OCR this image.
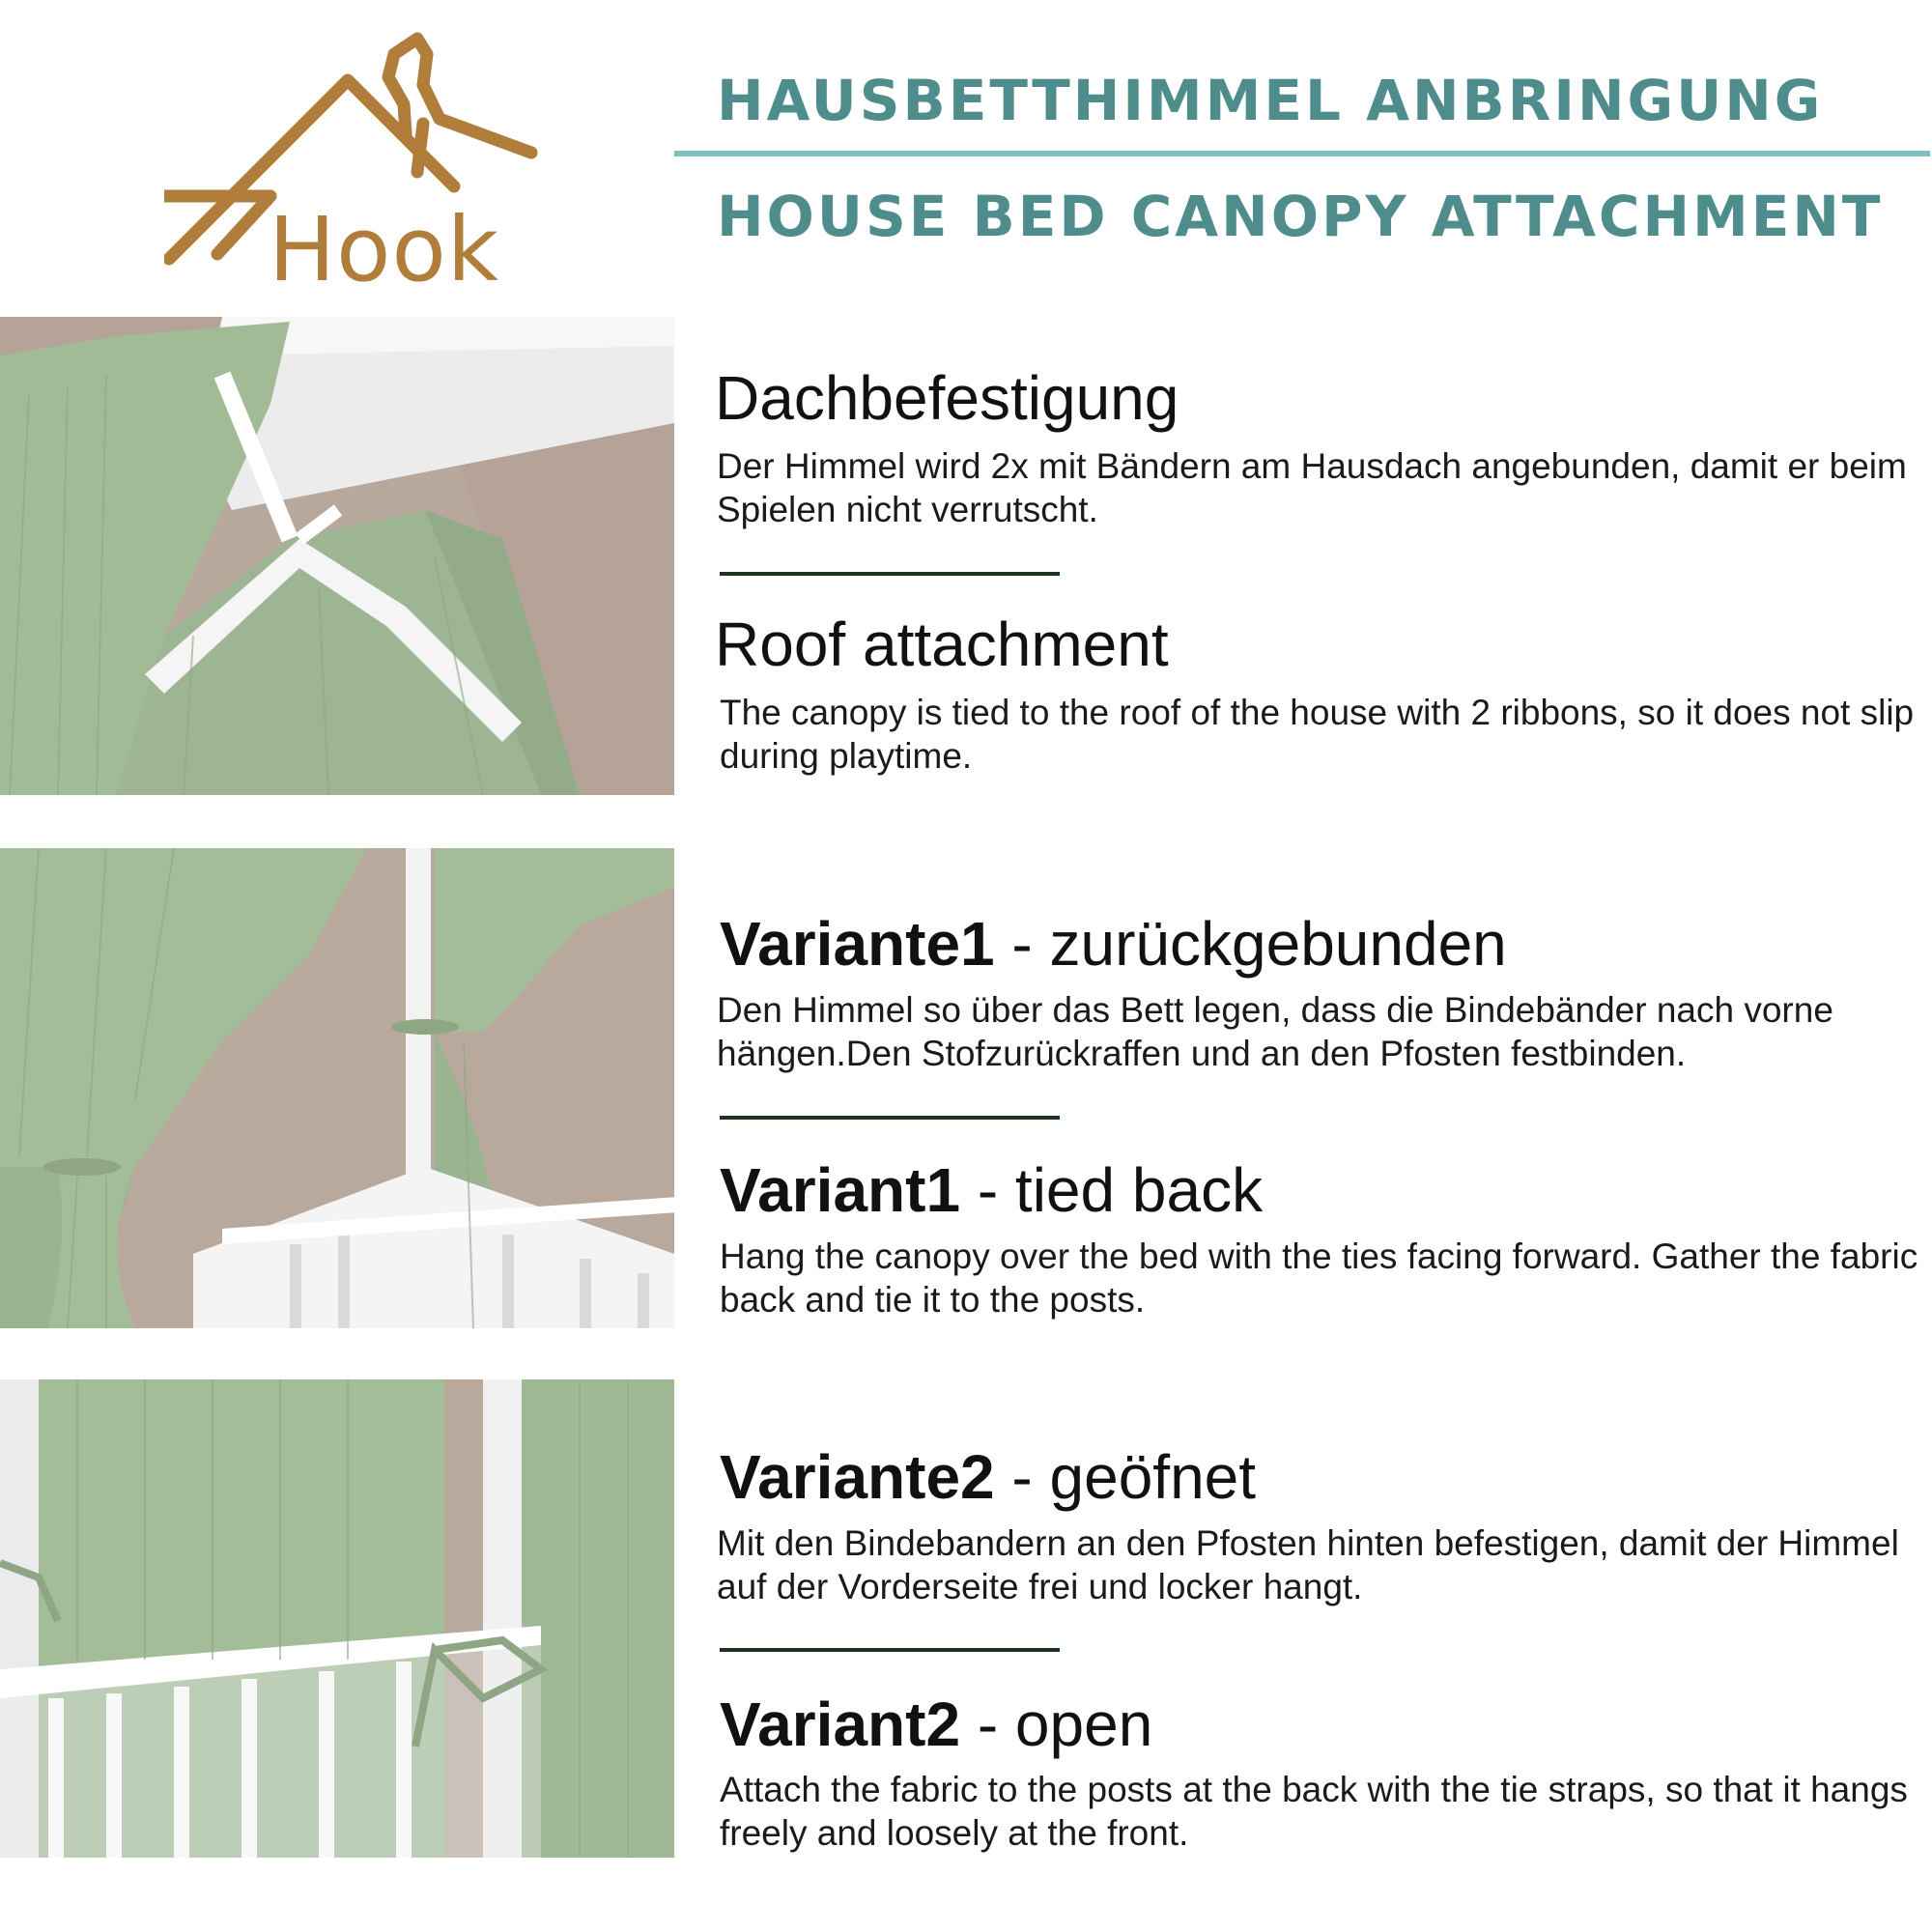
Hook
HAUSBETTHIMMEL ANBRINGUNG
HOUSE BED CANOPY ATTACHMENT
Dachbefestigung
Der Himmel wird 2x mit Bändern am Hausdach angebunden, damit er beim Spielen nicht verrutscht.
Roof attachment
The canopy is tied to the roof of the house with 2 ribbons, so it does not slip during playtime.
Variante1 - zurückgebunden
Den Himmel so über das Bett legen, dass die Bindebänder nach vorne hängen.Den Stofzurückraffen und an den Pfosten festbinden.
Variant1 - tied back
Hang the canopy over the bed with the ties facing forward. Gather the fabric back and tie it to the posts.
Variante2 - geöfnet
Mit den Bindebandern an den Pfosten hinten befestigen, damit der Himmel auf der Vorderseite frei und locker hangt.
Variant2 - open
Attach the fabric to the posts at the back with the tie straps, so that it hangs freely and loosely at the front.
